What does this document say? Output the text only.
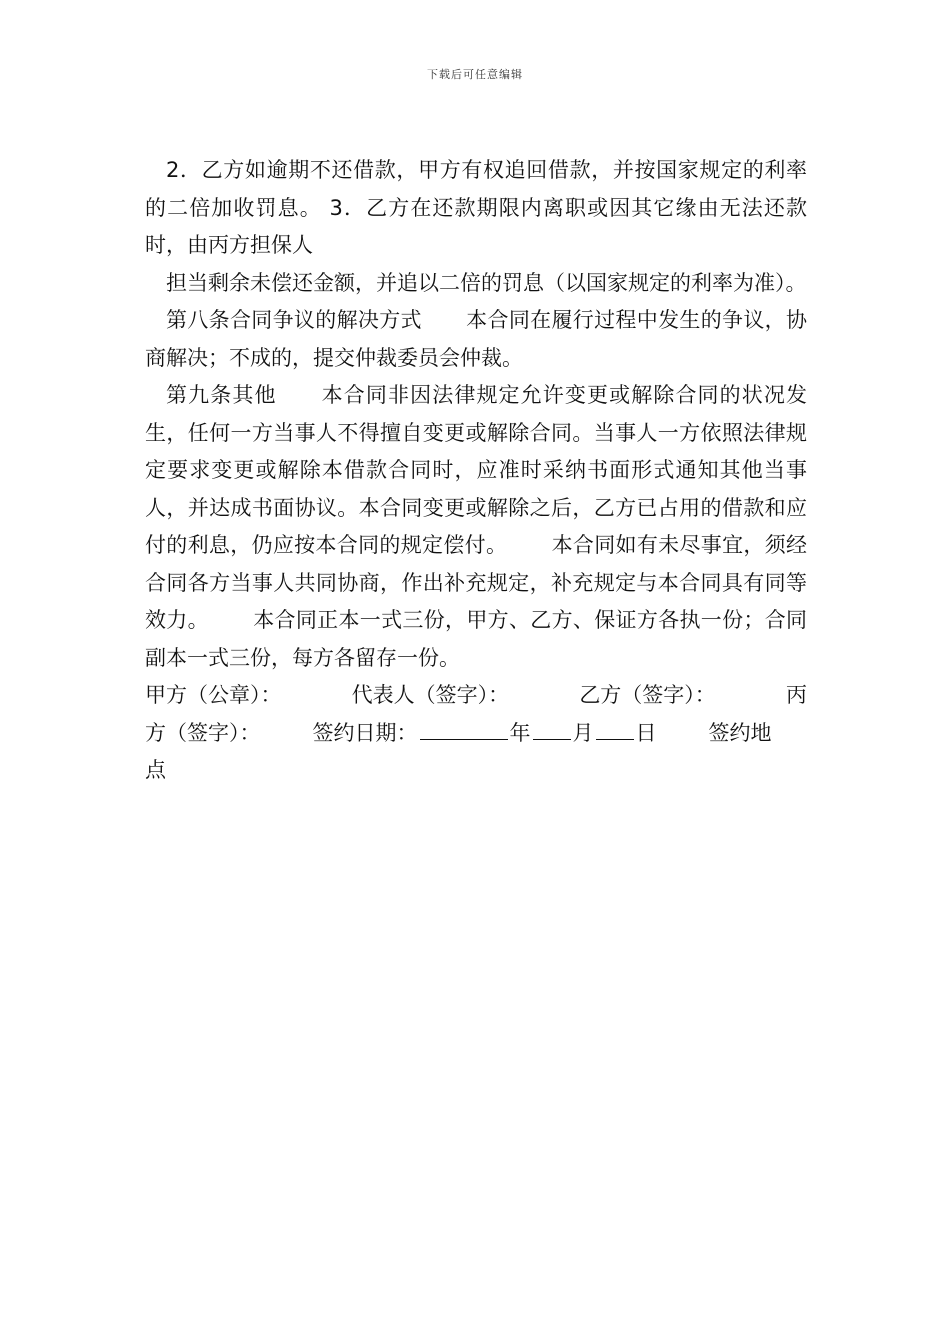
下载后可任意编辑

2．乙方如逾期不还借款，甲方有权追回借款，并按国家规定的利率的二倍加收罚息。 3．乙方在还款期限内离职或因其它缘由无法还款时，由丙方担保人

担当剩余未偿还金额，并追以二倍的罚息（以国家规定的利率为准）。

第八条合同争议的解决方式 本合同在履行过程中发生的争议，协商解决；不成的，提交仲裁委员会仲裁。

第九条其他 本合同非因法律规定允许变更或解除合同的状况发生，任何一方当事人不得擅自变更或解除合同。当事人一方依照法律规定要求变更或解除本借款合同时，应准时采纳书面形式通知其他当事人，并达成书面协议。本合同变更或解除之后，乙方已占用的借款和应付的利息，仍应按本合同的规定偿付。 本合同如有未尽事宜，须经合同各方当事人共同协商，作出补充规定，补充规定与本合同具有同等效力。 本合同正本一式三份，甲方、乙方、保证方各执一份；合同副本一式三份，每方各留存一份。

甲方（公章）：	代表人（签字）：	乙方（签字）：	丙

方（签字）： 签约日期：	年 月 日 签约地

点
